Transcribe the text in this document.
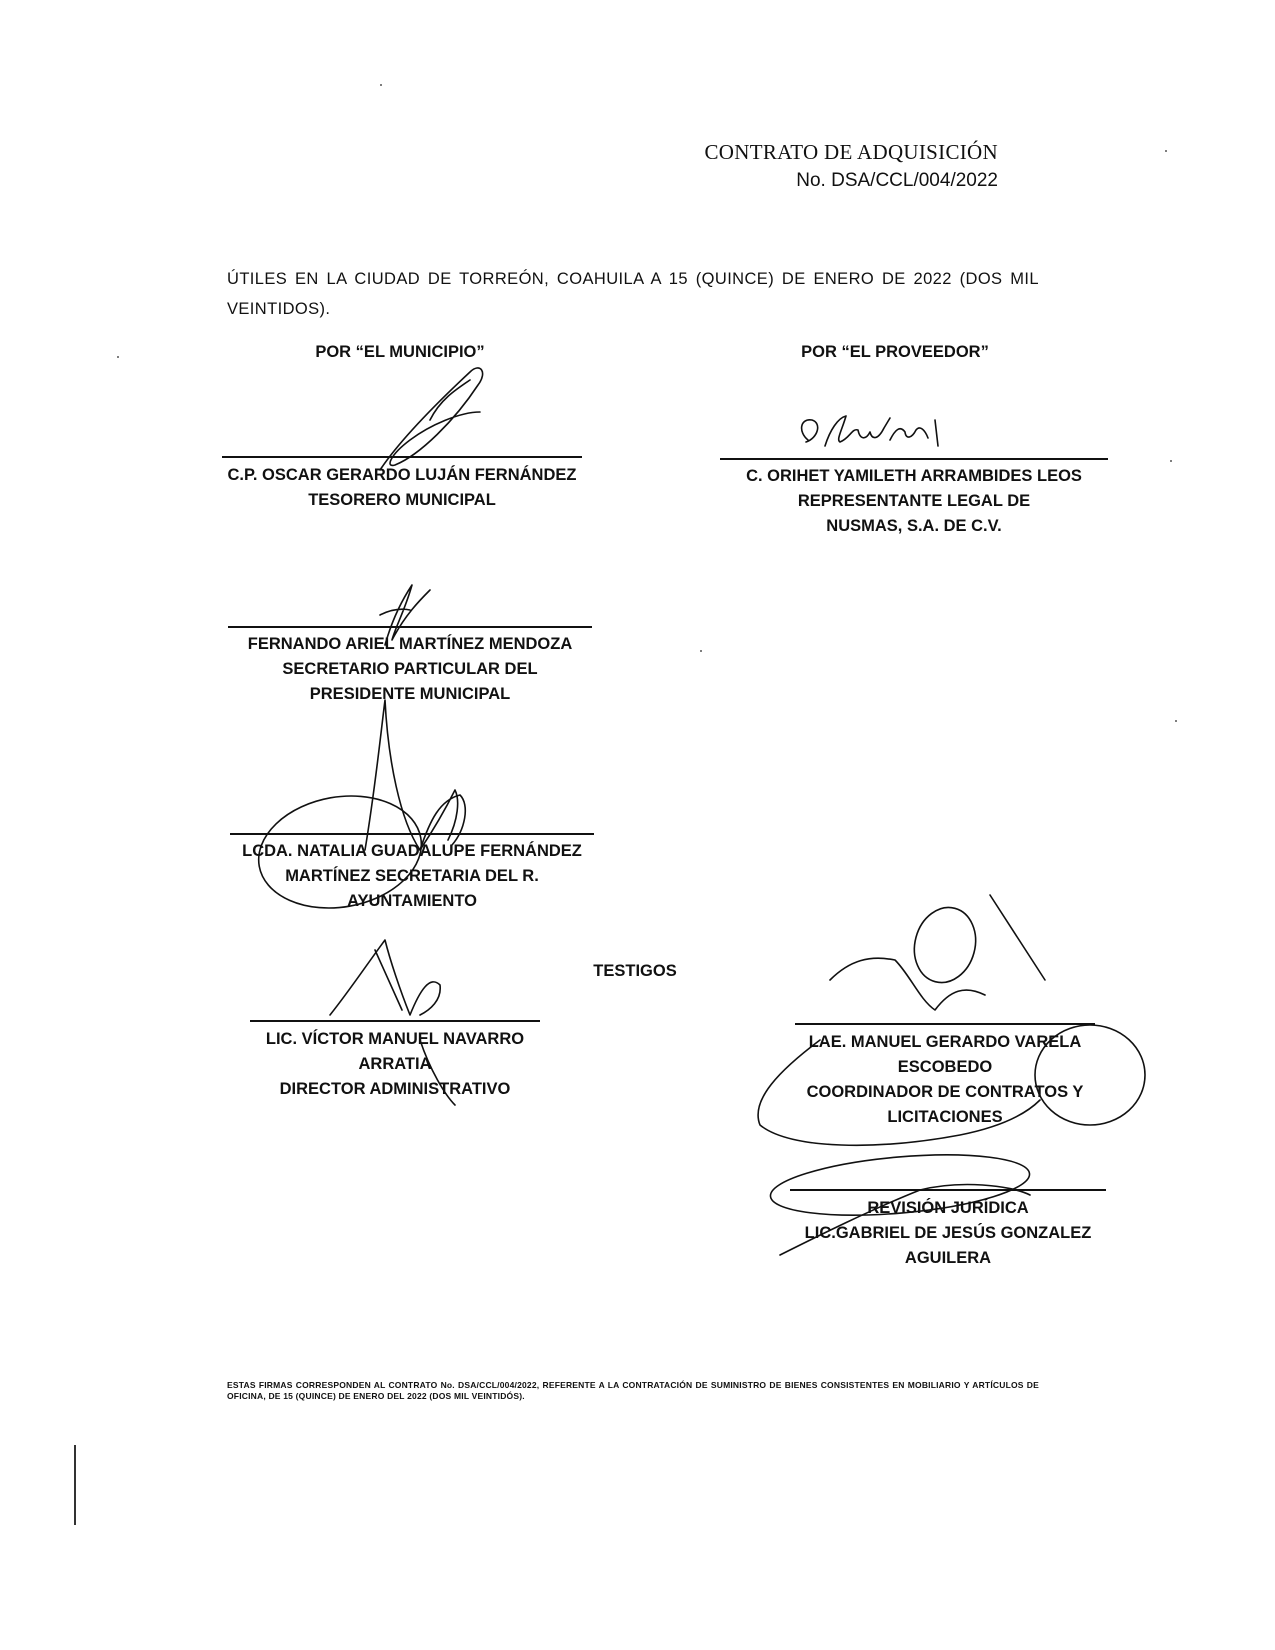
CONTRATO DE ADQUISICIÓN
No. DSA/CCL/004/2022
ÚTILES EN LA CIUDAD DE TORREÓN, COAHUILA A 15 (QUINCE) DE ENERO DE 2022 (DOS MIL VEINTIDOS).
POR “EL MUNICIPIO”	POR “EL PROVEEDOR”
C.P. OSCAR GERARDO LUJÁN FERNÁNDEZ
TESORERO MUNICIPAL
C. ORIHET YAMILETH ARRAMBIDES LEOS
REPRESENTANTE LEGAL DE
NUSMAS, S.A. DE C.V.
FERNANDO ARIEL MARTÍNEZ MENDOZA
SECRETARIO PARTICULAR DEL
PRESIDENTE MUNICIPAL
LCDA. NATALIA GUADALUPE FERNÁNDEZ
MARTÍNEZ SECRETARIA DEL R.
AYUNTAMIENTO
TESTIGOS
LIC. VÍCTOR MANUEL NAVARRO
ARRATIA
DIRECTOR ADMINISTRATIVO
LAE. MANUEL GERARDO VARELA
ESCOBEDO
COORDINADOR DE CONTRATOS Y
LICITACIONES
REVISIÓN JURÍDICA
LIC.GABRIEL DE JESÚS GONZALEZ
AGUILERA
ESTAS FIRMAS CORRESPONDEN AL CONTRATO No. DSA/CCL/004/2022, REFERENTE A LA CONTRATACIÓN DE SUMINISTRO DE BIENES CONSISTENTES EN MOBILIARIO Y ARTÍCULOS DE OFICINA, DE 15 (QUINCE) DE ENERO DEL 2022 (DOS MIL VEINTIDÓS).
